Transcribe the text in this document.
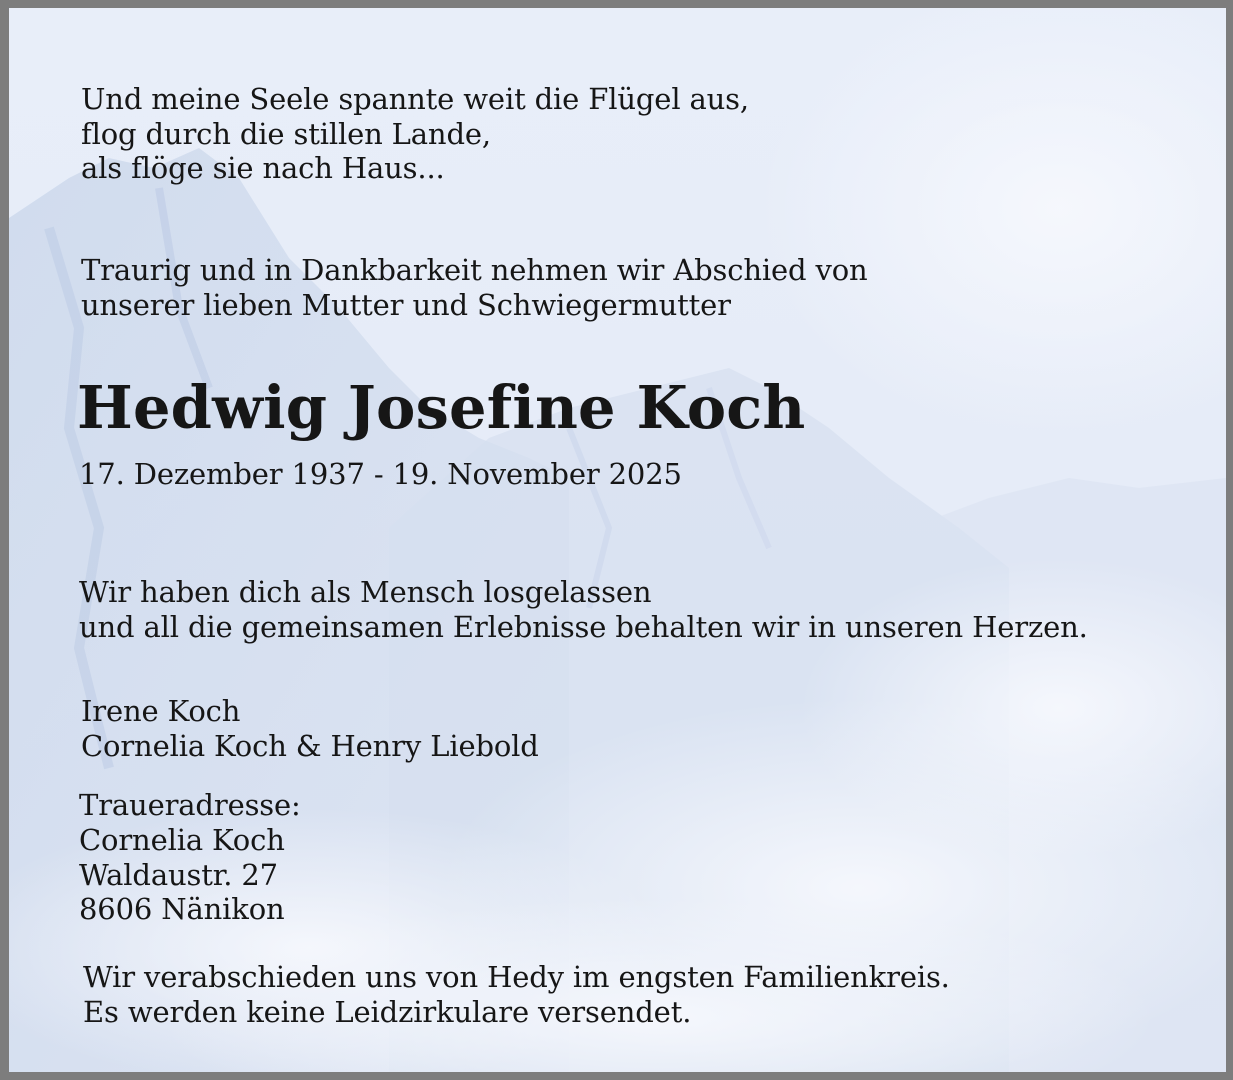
Und meine Seele spannte weit die Flügel aus,
flog durch die stillen Lande,
als flöge sie nach Haus...

Traurig und in Dankbarkeit nehmen wir Abschied von
unserer lieben Mutter und Schwiegermutter

Hedwig Josefine Koch

17. Dezember 1937 - 19. November 2025

Wir haben dich als Mensch losgelassen
und all die gemeinsamen Erlebnisse behalten wir in unseren Herzen.

Irene Koch
Cornelia Koch & Henry Liebold

Traueradresse:

Cornelia Koch
Waldaustr. 27
8606 Nänikon

Wir verabschieden uns von Hedy im engsten Familienkreis.
Es werden keine Leidzirkulare versendet.
